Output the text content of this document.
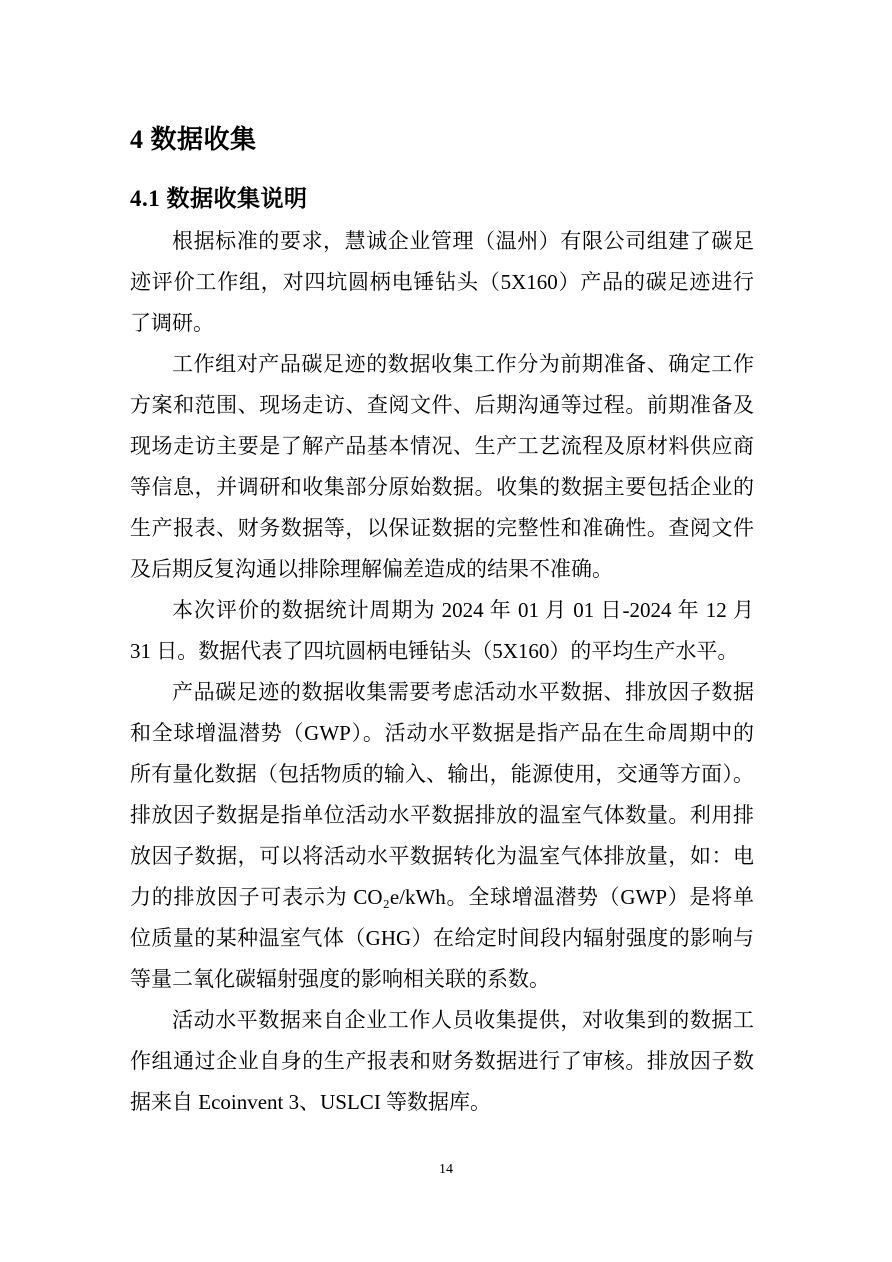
4 数据收集
4.1 数据收集说明

根据标准的要求，慧诚企业管理（温州）有限公司组建了碳足迹评价工作组，对四坑圆柄电锤钻头（5X160）产品的碳足迹进行了调研。

工作组对产品碳足迹的数据收集工作分为前期准备、确定工作方案和范围、现场走访、查阅文件、后期沟通等过程。前期准备及现场走访主要是了解产品基本情况、生产工艺流程及原材料供应商等信息，并调研和收集部分原始数据。收集的数据主要包括企业的生产报表、财务数据等，以保证数据的完整性和准确性。查阅文件及后期反复沟通以排除理解偏差造成的结果不准确。

本次评价的数据统计周期为 2024 年 01 月 01 日-2024 年 12 月 31 日。数据代表了四坑圆柄电锤钻头（5X160）的平均生产水平。

产品碳足迹的数据收集需要考虑活动水平数据、排放因子数据和全球增温潜势（GWP）。活动水平数据是指产品在生命周期中的所有量化数据（包括物质的输入、输出，能源使用，交通等方面）。排放因子数据是指单位活动水平数据排放的温室气体数量。利用排放因子数据，可以将活动水平数据转化为温室气体排放量，如：电力的排放因子可表示为 CO₂e/kWh。全球增温潜势（GWP）是将单位质量的某种温室气体（GHG）在给定时间段内辐射强度的影响与等量二氧化碳辐射强度的影响相关联的系数。

活动水平数据来自企业工作人员收集提供，对收集到的数据工作组通过企业自身的生产报表和财务数据进行了审核。排放因子数据来自 Ecoinvent 3、USLCI 等数据库。

14
